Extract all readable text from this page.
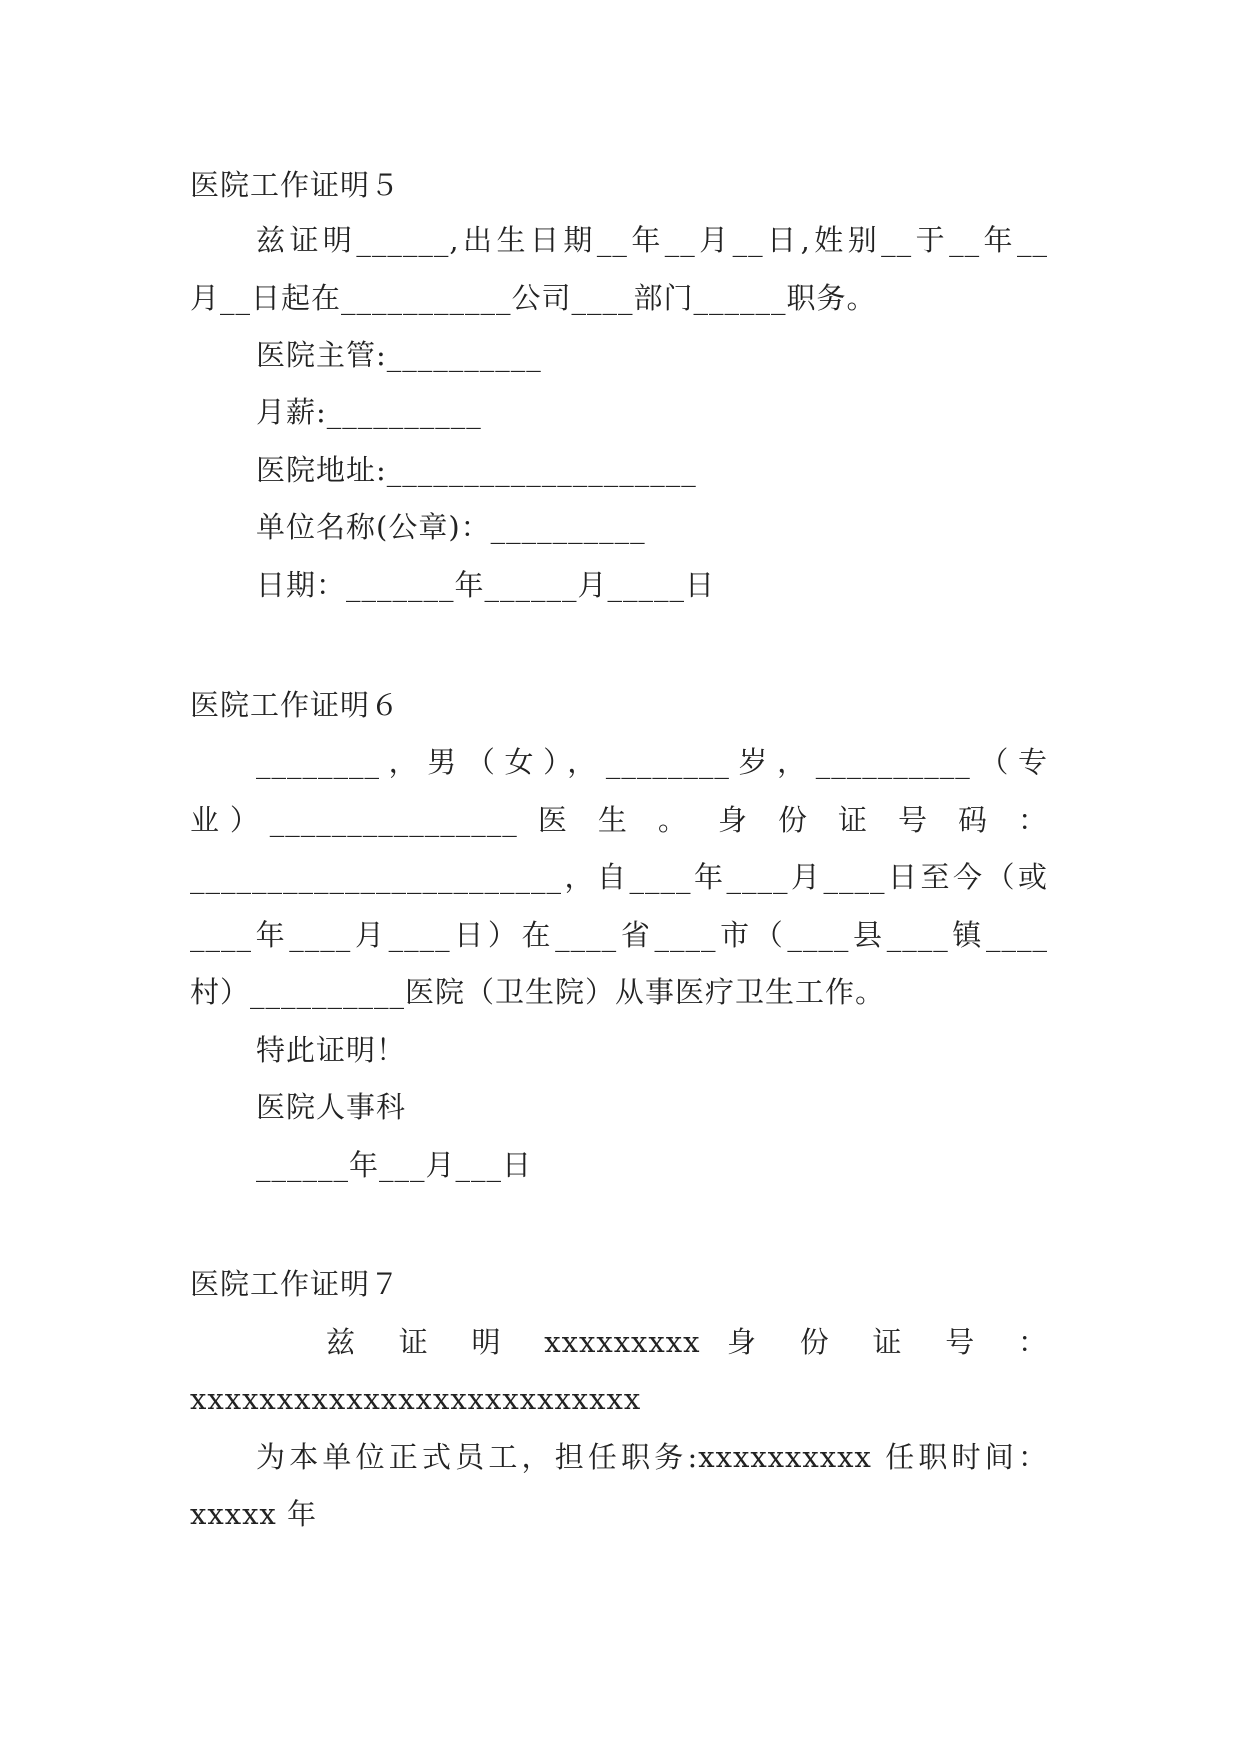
医院工作证明５
兹证明______,出生日期__年__月__日,姓别__于__年__
月__日起在___________公司____部门______职务。
医院主管:__________
月薪:__________
医院地址:____________________
单位名称(公章)：__________
日期：_______年______月_____日
医院工作证明６
________，男（女），________岁，__________（专
业）________________ 医 生 。 身 份 证 号 码 ：
________________________，自____年____月____日至今（或
____年____月____日）在____省____市（____县____镇____
村）__________医院（卫生院）从事医疗卫生工作。
特此证明！
医院人事科
______年___月___日
医院工作证明７
兹 证 明 xxxxxxxxx 身 份 证 号 ：
xxxxxxxxxxxxxxxxxxxxxxxxxx
为本单位正式员工，担任职务:xxxxxxxxxx 任职时间：
xxxxx 年
